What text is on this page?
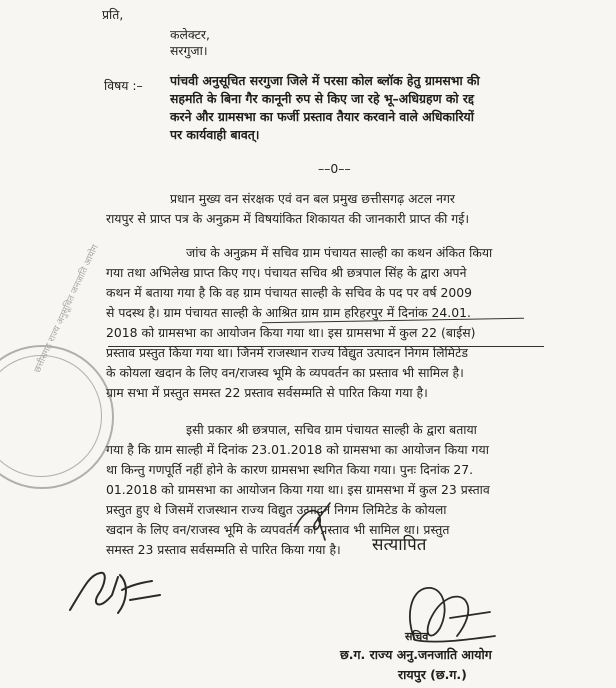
प्रति,
कलेक्टर,
सरगुजा।
विषय :– पांचवी अनुसूचित सरगुजा जिले में परसा कोल ब्लॉक हेतु ग्रामसभा की
सहमति के बिना गैर कानूनी रुप से किए जा रहे भू–अधिग्रहण को रद्द
करने और ग्रामसभा का फर्जी प्रस्ताव तैयार करवाने वाले अधिकारियों
पर कार्यवाही बावत्।
––0––
प्रधान मुख्य वन संरक्षक एवं वन बल प्रमुख छत्तीसगढ़ अटल नगर
रायपुर से प्राप्त पत्र के अनुक्रम में विषयांकित शिकायत की जानकारी प्राप्त की गई।
जांच के अनुक्रम में सचिव ग्राम पंचायत साल्ही का कथन अंकित किया
गया तथा अभिलेख प्राप्त किए गए। पंचायत सचिव श्री छत्रपाल सिंह के द्वारा अपने
कथन में बताया गया है कि वह ग्राम पंचायत साल्ही के सचिव के पद पर वर्ष 2009
से पदस्थ है। ग्राम पंचायत साल्ही के आश्रित ग्राम ग्राम हरिहरपुर में दिनांक 24.01.
2018 को ग्रामसभा का आयोजन किया गया था। इस ग्रामसभा में कुल 22 (बाईस)
प्रस्ताव प्रस्तुत किया गया था। जिनमें राजस्थान राज्य विद्युत उत्पादन निगम लिमिटेड
के कोयला खदान के लिए वन/राजस्व भूमि के व्यपवर्तन का प्रस्ताव भी सामिल है।
ग्राम सभा में प्रस्तुत समस्त 22 प्रस्ताव सर्वसम्मति से पारित किया गया है।
इसी प्रकार श्री छत्रपाल, सचिव ग्राम पंचायत साल्ही के द्वारा बताया
गया है कि ग्राम साल्ही में दिनांक 23.01.2018 को ग्रामसभा का आयोजन किया गया
था किन्तु गणपूर्ति नहीं होने के कारण ग्रामसभा स्थगित किया गया। पुनः दिनांक 27.
01.2018 को ग्रामसभा का आयोजन किया गया था। इस ग्रामसभा में कुल 23 प्रस्ताव
प्रस्तुत हुए थे जिसमें राजस्थान राज्य विद्युत उत्पादन निगम लिमिटेड के कोयला
खदान के लिए वन/राजस्व भूमि के व्यपवर्तन का प्रस्ताव भी सामिल था। प्रस्तुत
समस्त 23 प्रस्ताव सर्वसम्मति से पारित किया गया है।
छत्तीसगढ़ राज्य अनुसूचित जनजाति आयोग
सत्यापित
सचिव
छ.ग. राज्य अनु.जनजाति आयोग
रायपुर (छ.ग.)
